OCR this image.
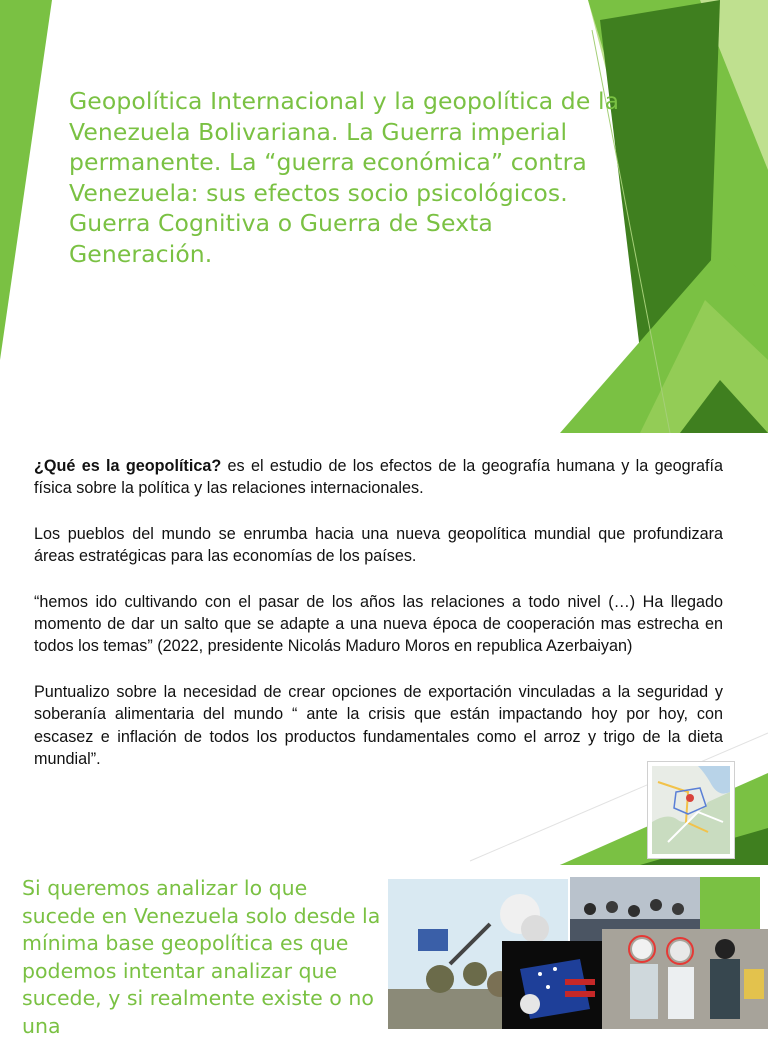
Geopolítica Internacional y la geopolítica de la Venezuela Bolivariana. La Guerra imperial permanente. La “guerra económica” contra Venezuela: sus efectos socio psicológicos. Guerra Cognitiva o Guerra de Sexta Generación.

¿Qué es la geopolítica? es el estudio de los efectos de la geografía humana y la geografía física sobre la política y las relaciones internacionales.

Los pueblos del mundo se enrumba hacia una nueva geopolítica mundial que profundizara áreas estratégicas para las economías de los países.

“hemos ido cultivando con el pasar de los años las relaciones a todo nivel (…) Ha llegado momento de dar un salto que se adapte a una nueva época de cooperación mas estrecha en todos los temas” (2022, presidente Nicolás Maduro Moros en republica Azerbaiyan)

Puntualizo sobre la necesidad de crear opciones de exportación vinculadas a la seguridad y soberanía alimentaria del mundo “ ante la crisis que están impactando hoy por hoy, con escasez e inflación de todos los productos fundamentales como el arroz y trigo de la dieta mundial”.

Si queremos analizar lo que sucede en Venezuela solo desde la mínima base geopolítica es que podemos intentar analizar que sucede, y si realmente existe o no una
